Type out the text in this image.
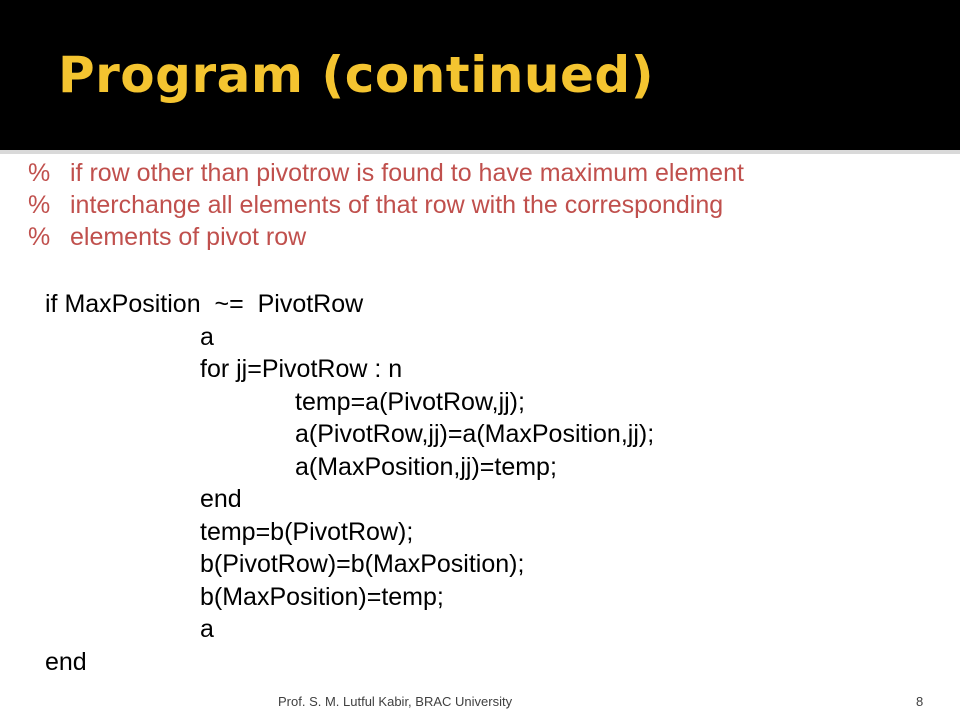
Program (continued)
% if row other than pivotrow is found to have maximum element
% interchange all elements of that row with the corresponding
% elements of pivot row
if MaxPosition  ~=  PivotRow
a
for jj=PivotRow : n
temp=a(PivotRow,jj);
a(PivotRow,jj)=a(MaxPosition,jj);
a(MaxPosition,jj)=temp;
end
temp=b(PivotRow);
b(PivotRow)=b(MaxPosition);
b(MaxPosition)=temp;
a
end
Prof. S. M. Lutful Kabir, BRAC University	8
